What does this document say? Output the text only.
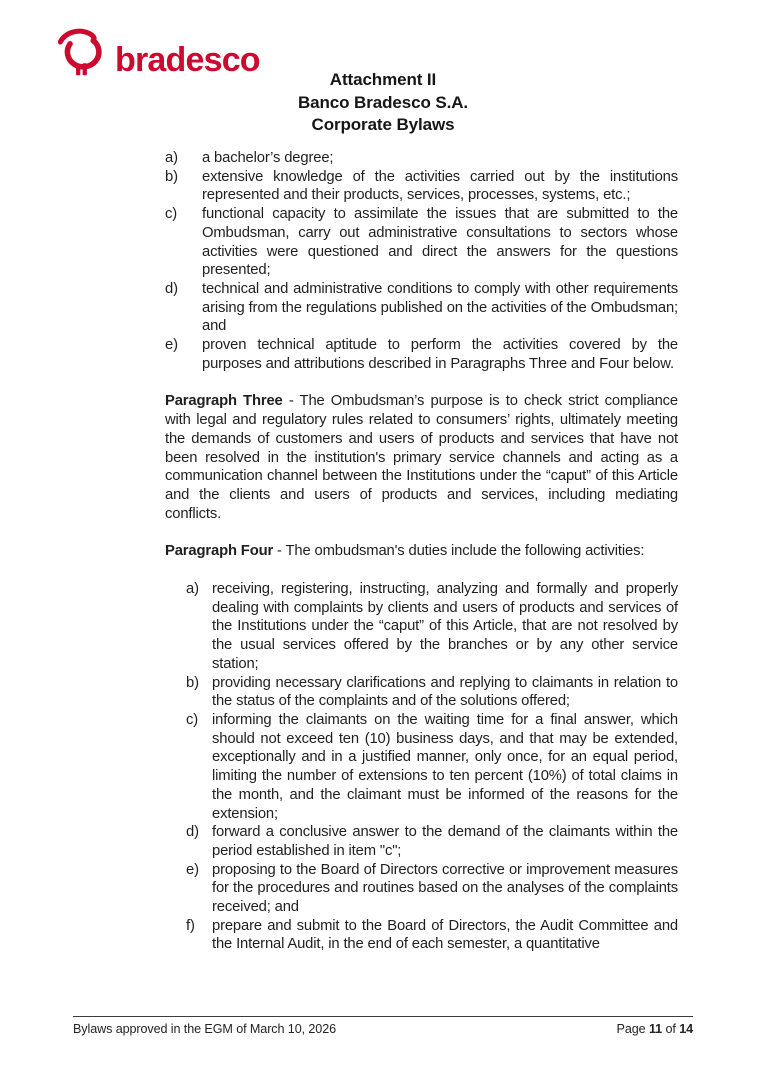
bradesco
Attachment II
Banco Bradesco S.A.
Corporate Bylaws
a)	a bachelor’s degree;
b)	extensive knowledge of the activities carried out by the institutions represented and their products, services, processes, systems, etc.;
c)	functional capacity to assimilate the issues that are submitted to the Ombudsman, carry out administrative consultations to sectors whose activities were questioned and direct the answers for the questions presented;
d)	technical and administrative conditions to comply with other requirements arising from the regulations published on the activities of the Ombudsman; and
e)	proven technical aptitude to perform the activities covered by the purposes and attributions described in Paragraphs Three and Four below.

Paragraph Three - The Ombudsman’s purpose is to check strict compliance with legal and regulatory rules related to consumers’ rights, ultimately meeting the demands of customers and users of products and services that have not been resolved in the institution's primary service channels and acting as a communication channel between the Institutions under the “caput” of this Article and the clients and users of products and services, including mediating conflicts.

Paragraph Four - The ombudsman's duties include the following activities:

a) receiving, registering, instructing, analyzing and formally and properly dealing with complaints by clients and users of products and services of the Institutions under the “caput” of this Article, that are not resolved by the usual services offered by the branches or by any other service station;
b) providing necessary clarifications and replying to claimants in relation to the status of the complaints and of the solutions offered;
c) informing the claimants on the waiting time for a final answer, which should not exceed ten (10) business days, and that may be extended, exceptionally and in a justified manner, only once, for an equal period, limiting the number of extensions to ten percent (10%) of total claims in the month, and the claimant must be informed of the reasons for the extension;
d) forward a conclusive answer to the demand of the claimants within the period established in item "c";
e) proposing to the Board of Directors corrective or improvement measures for the procedures and routines based on the analyses of the complaints received; and
f)	prepare and submit to the Board of Directors, the Audit Committee and the Internal Audit, in the end of each semester, a quantitative
Bylaws approved in the EGM of March 10, 2026	Page 11 of 14
